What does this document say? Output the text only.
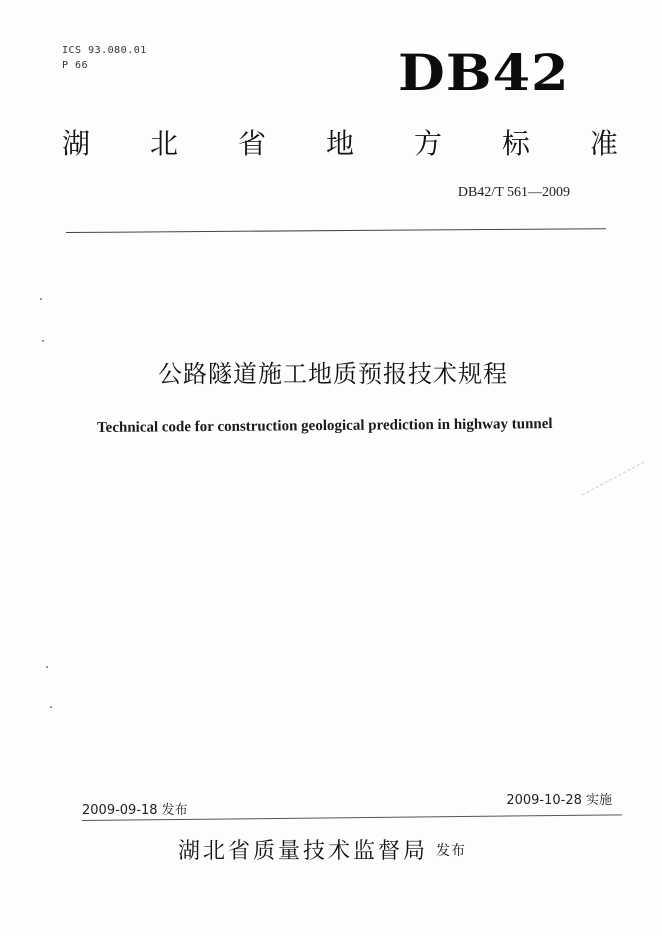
ICS 93.080.01
P 66	DB42
湖 北 省 地 方 标 准
DB42/T 561—2009
公路隧道施工地质预报技术规程
Technical code for construction geological prediction in highway tunnel
2009-09-18 发布
2009-10-28 实施
湖北省质量技术监督局 发布
